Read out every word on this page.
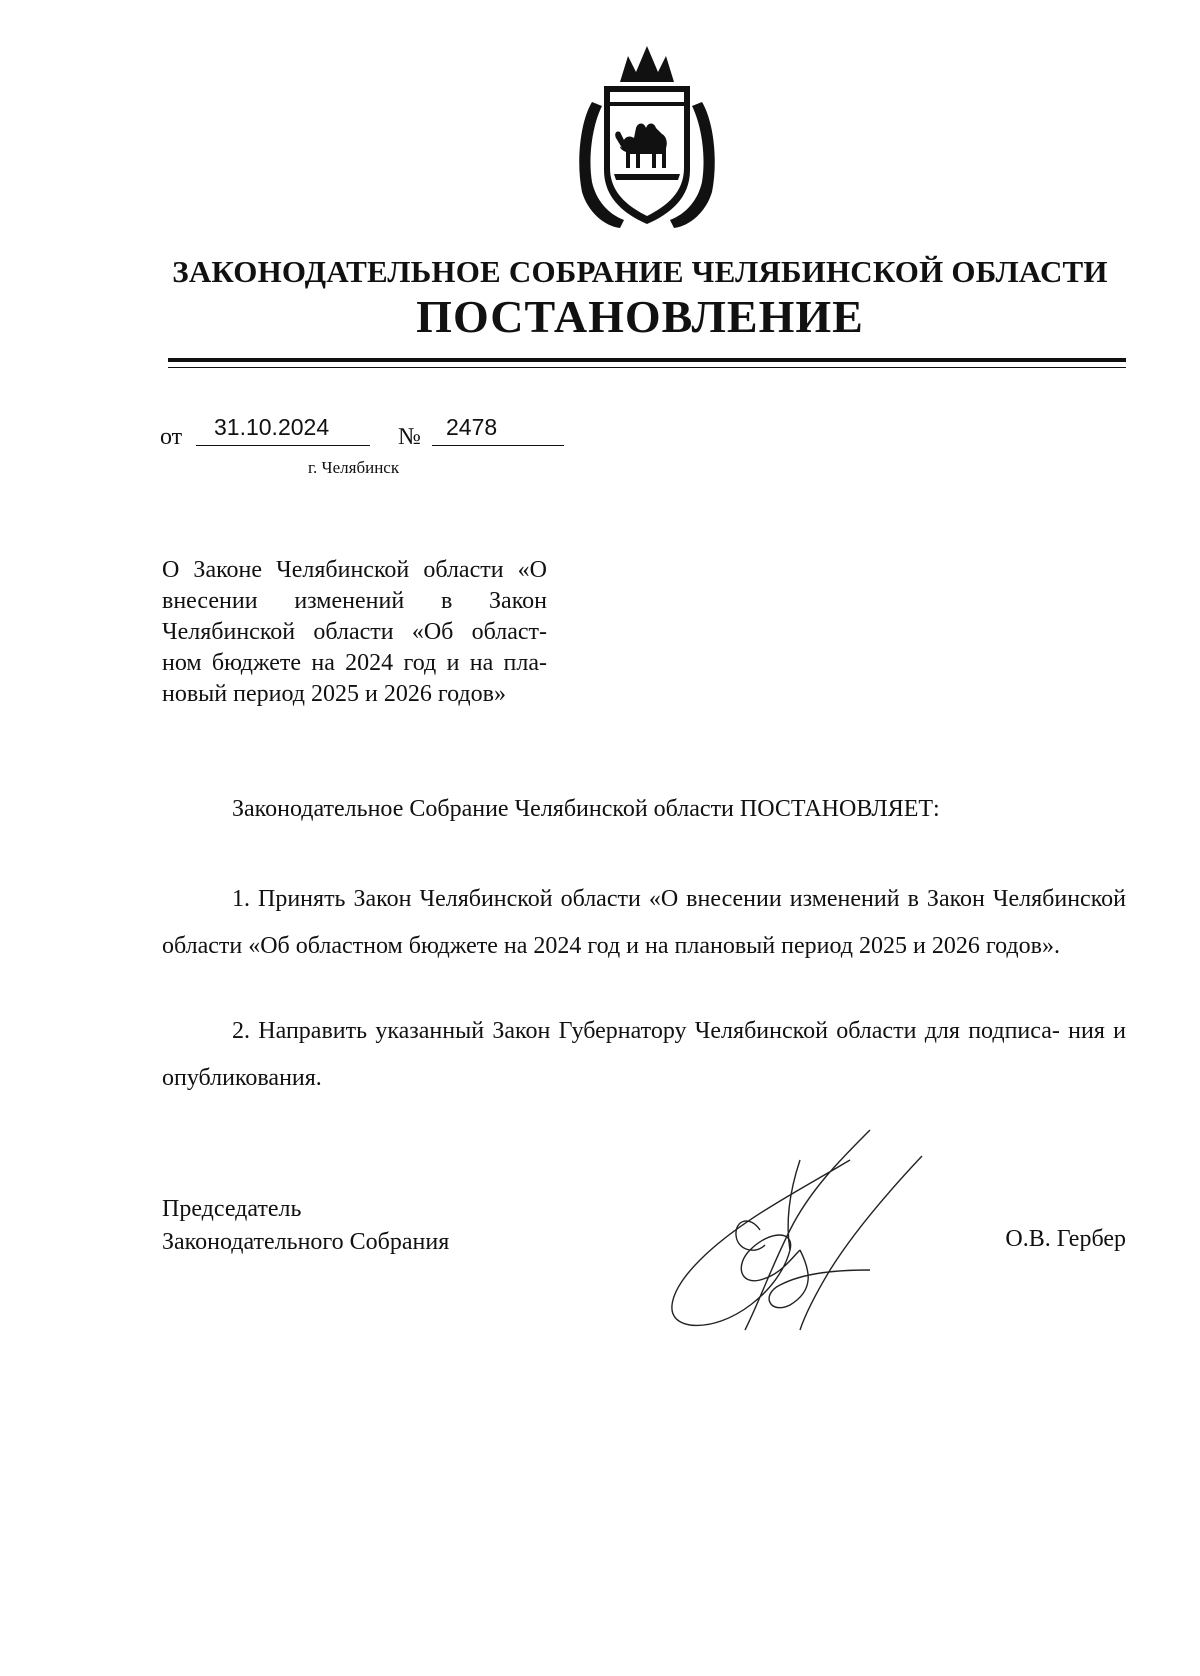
ЗАКОНОДАТЕЛЬНОЕ СОБРАНИЕ ЧЕЛЯБИНСКОЙ ОБЛАСТИ
ПОСТАНОВЛЕНИЕ
от 31.10.2024	№ 2478
г. Челябинск

О Законе Челябинской области «О внесении изменений в Закон Челябинской области «Об област- ном бюджете на 2024 год и на пла- новый период 2025 и 2026 годов»

Законодательное Собрание Челябинской области ПОСТАНОВЛЯЕТ:

1. Принять Закон Челябинской области «О внесении изменений в Закон Челябинской области «Об областном бюджете на 2024 год и на плановый период 2025 и 2026 годов».

2. Направить указанный Закон Губернатору Челябинской области для подписа- ния и опубликования.

Председатель
Законодательного Собрания	О.В. Гербер
